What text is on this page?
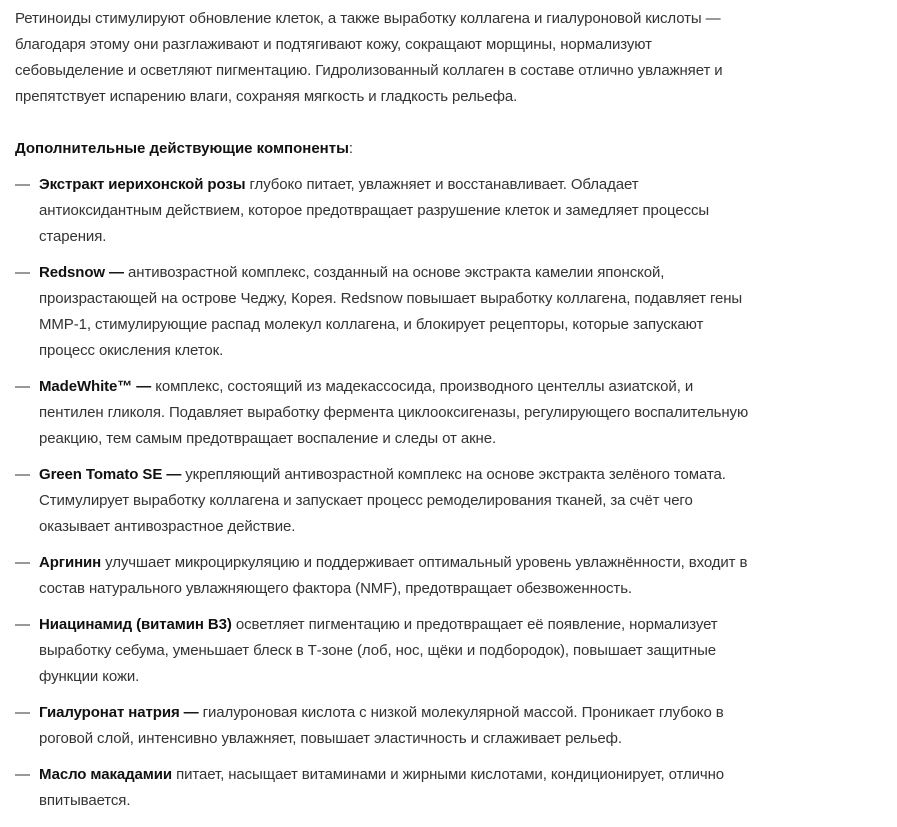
Ретиноиды стимулируют обновление клеток, а также выработку коллагена и гиалуроновой кислоты — благодаря этому они разглаживают и подтягивают кожу, сокращают морщины, нормализуют себовыделение и осветляют пигментацию. Гидролизованный коллаген в составе отлично увлажняет и препятствует испарению влаги, сохраняя мягкость и гладкость рельефа.

Дополнительные действующие компоненты:

— Экстракт иерихонской розы глубоко питает, увлажняет и восстанавливает. Обладает антиоксидантным действием, которое предотвращает разрушение клеток и замедляет процессы старения.
— Redsnow — антивозрастной комплекс, созданный на основе экстракта камелии японской, произрастающей на острове Чеджу, Корея. Redsnow повышает выработку коллагена, подавляет гены MMP-1, стимулирующие распад молекул коллагена, и блокирует рецепторы, которые запускают процесс окисления клеток.
— MadeWhite™ — комплекс, состоящий из мадекассосида, производного центеллы азиатской, и пентилен гликоля. Подавляет выработку фермента циклооксигеназы, регулирующего воспалительную реакцию, тем самым предотвращает воспаление и следы от акне.
— Green Tomato SE — укрепляющий антивозрастной комплекс на основе экстракта зелёного томата. Стимулирует выработку коллагена и запускает процесс ремоделирования тканей, за счёт чего оказывает антивозрастное действие.
— Аргинин улучшает микроциркуляцию и поддерживает оптимальный уровень увлажнённости, входит в состав натурального увлажняющего фактора (NMF), предотвращает обезвоженность.
— Ниацинамид (витамин B3) осветляет пигментацию и предотвращает её появление, нормализует выработку себума, уменьшает блеск в Т-зоне (лоб, нос, щёки и подбородок), повышает защитные функции кожи.
— Гиалуронат натрия — гиалуроновая кислота с низкой молекулярной массой. Проникает глубоко в роговой слой, интенсивно увлажняет, повышает эластичность и сглаживает рельеф.
— Масло макадамии питает, насыщает витаминами и жирными кислотами, кондиционирует, отлично впитывается.
